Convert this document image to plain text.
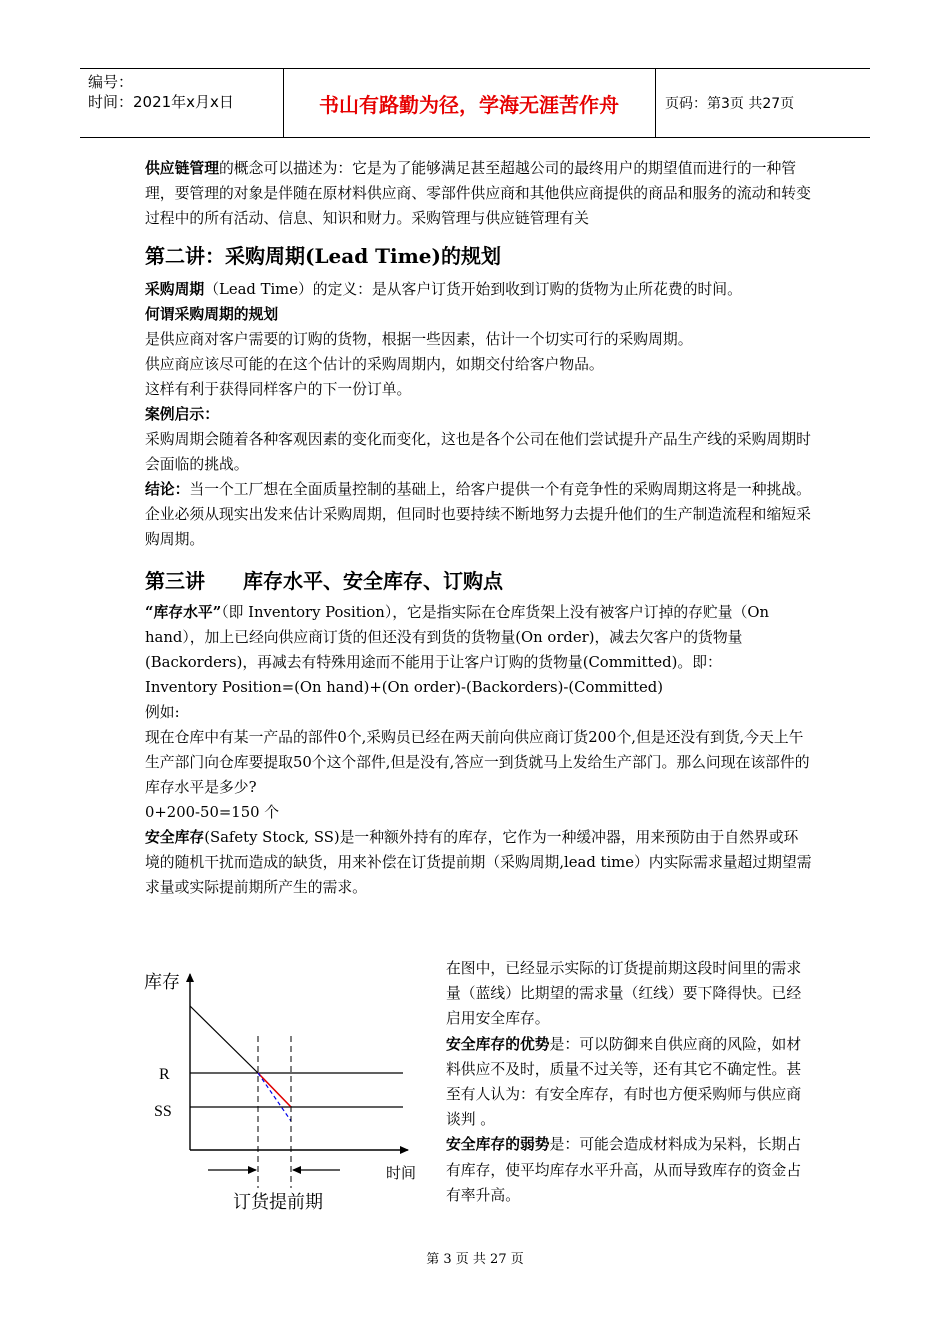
编号：
时间：2021年x月x日	书山有路勤为径，学海无涯苦作舟	页码：第3页 共27页

供应链管理的概念可以描述为：它是为了能够满足甚至超越公司的最终用户的期望值而进行的一种管理，要管理的对象是伴随在原材料供应商、零部件供应商和其他供应商提供的商品和服务的流动和转变过程中的所有活动、信息、知识和财力。采购管理与供应链管理有关

第二讲：采购周期(Lead Time)的规划

采购周期（Lead Time）的定义：是从客户订货开始到收到订购的货物为止所花费的时间。

何谓采购周期的规划

是供应商对客户需要的订购的货物，根据一些因素，估计一个切实可行的采购周期。

供应商应该尽可能的在这个估计的采购周期内，如期交付给客户物品。

这样有利于获得同样客户的下一份订单。

案例启示：

采购周期会随着各种客观因素的变化而变化，这也是各个公司在他们尝试提升产品生产线的采购周期时会面临的挑战。

结论：当一个工厂想在全面质量控制的基础上，给客户提供一个有竞争性的采购周期这将是一种挑战。

企业必须从现实出发来估计采购周期，但同时也要持续不断地努力去提升他们的生产制造流程和缩短采购周期。

第三讲 库存水平、安全库存、订购点

“库存水平”（即 Inventory Position），它是指实际在仓库货架上没有被客户订掉的存贮量（On hand），加上已经向供应商订货的但还没有到货的货物量(On order)，减去欠客户的货物量(Backorders)，再减去有特殊用途而不能用于让客户订购的货物量(Committed)。即：

Inventory Position=(On hand)+(On order)-(Backorders)-(Committed)

例如:

现在仓库中有某一产品的部件0个,采购员已经在两天前向供应商订货200个,但是还没有到货,今天上午生产部门向仓库要提取50个这个部件,但是没有,答应一到货就马上发给生产部门。那么问现在该部件的库存水平是多少?

0+200-50=150 个

安全库存(Safety Stock, SS)是一种额外持有的库存，它作为一种缓冲器，用来预防由于自然界或环境的随机干扰而造成的缺货，用来补偿在订货提前期（采购周期,lead time）内实际需求量超过期望需求量或实际提前期所产生的需求。

库存
R
SS
时间
订货提前期

在图中，已经显示实际的订货提前期这段时间里的需求量（蓝线）比期望的需求量（红线）要下降得快。已经启用安全库存。

安全库存的优势是：可以防御来自供应商的风险，如材料供应不及时，质量不过关等，还有其它不确定性。甚至有人认为：有安全库存，有时也方便采购师与供应商谈判 。

安全库存的弱势是：可能会造成材料成为呆料，长期占有库存，使平均库存水平升高，从而导致库存的资金占有率升高。

第 3 页 共 27 页
